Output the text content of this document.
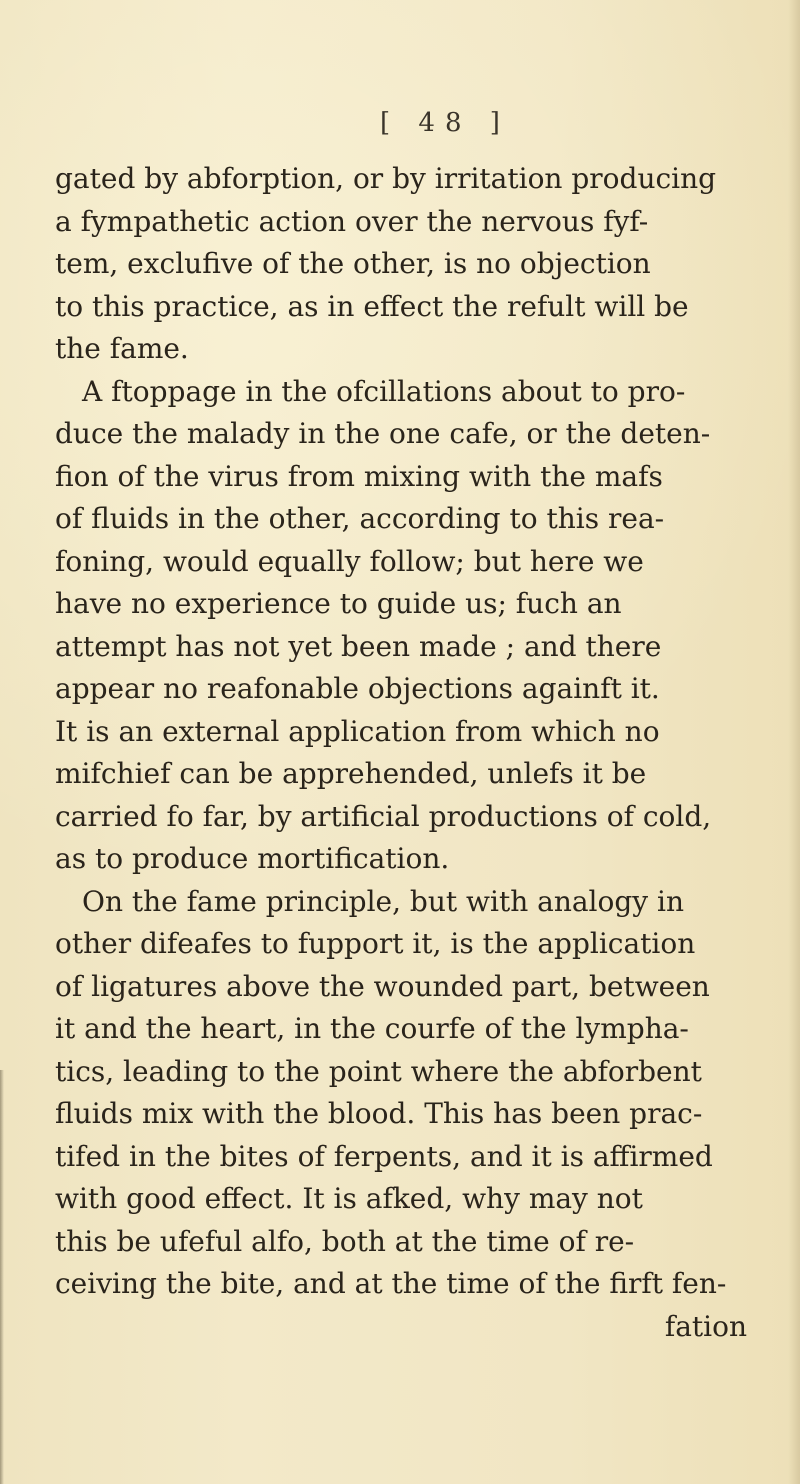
[ 48 ]
gated by abforption, or by irritation producing
a fympathetic action over the nervous fyf-
tem, exclufive of the other, is no objection
to this practice, as in effect the refult will be
the fame.
A ftoppage in the ofcillations about to pro-
duce the malady in the one cafe, or the deten-
fion of the virus from mixing with the mafs
of fluids in the other, according to this rea-
foning, would equally follow; but here we
have no experience to guide us; fuch an
attempt has not yet been made ; and there
appear no reafonable objections againft it.
It is an external application from which no
mifchief can be apprehended, unlefs it be
carried fo far, by artificial productions of cold,
as to produce mortification.
On the fame principle, but with analogy in
other difeafes to fupport it, is the application
of ligatures above the wounded part, between
it and the heart, in the courfe of the lympha-
tics, leading to the point where the abforbent
fluids mix with the blood. This has been prac-
tifed in the bites of ferpents, and it is affirmed
with good effect. It is afked, why may not
this be ufeful alfo, both at the time of re-
ceiving the bite, and at the time of the firft fen-
fation
